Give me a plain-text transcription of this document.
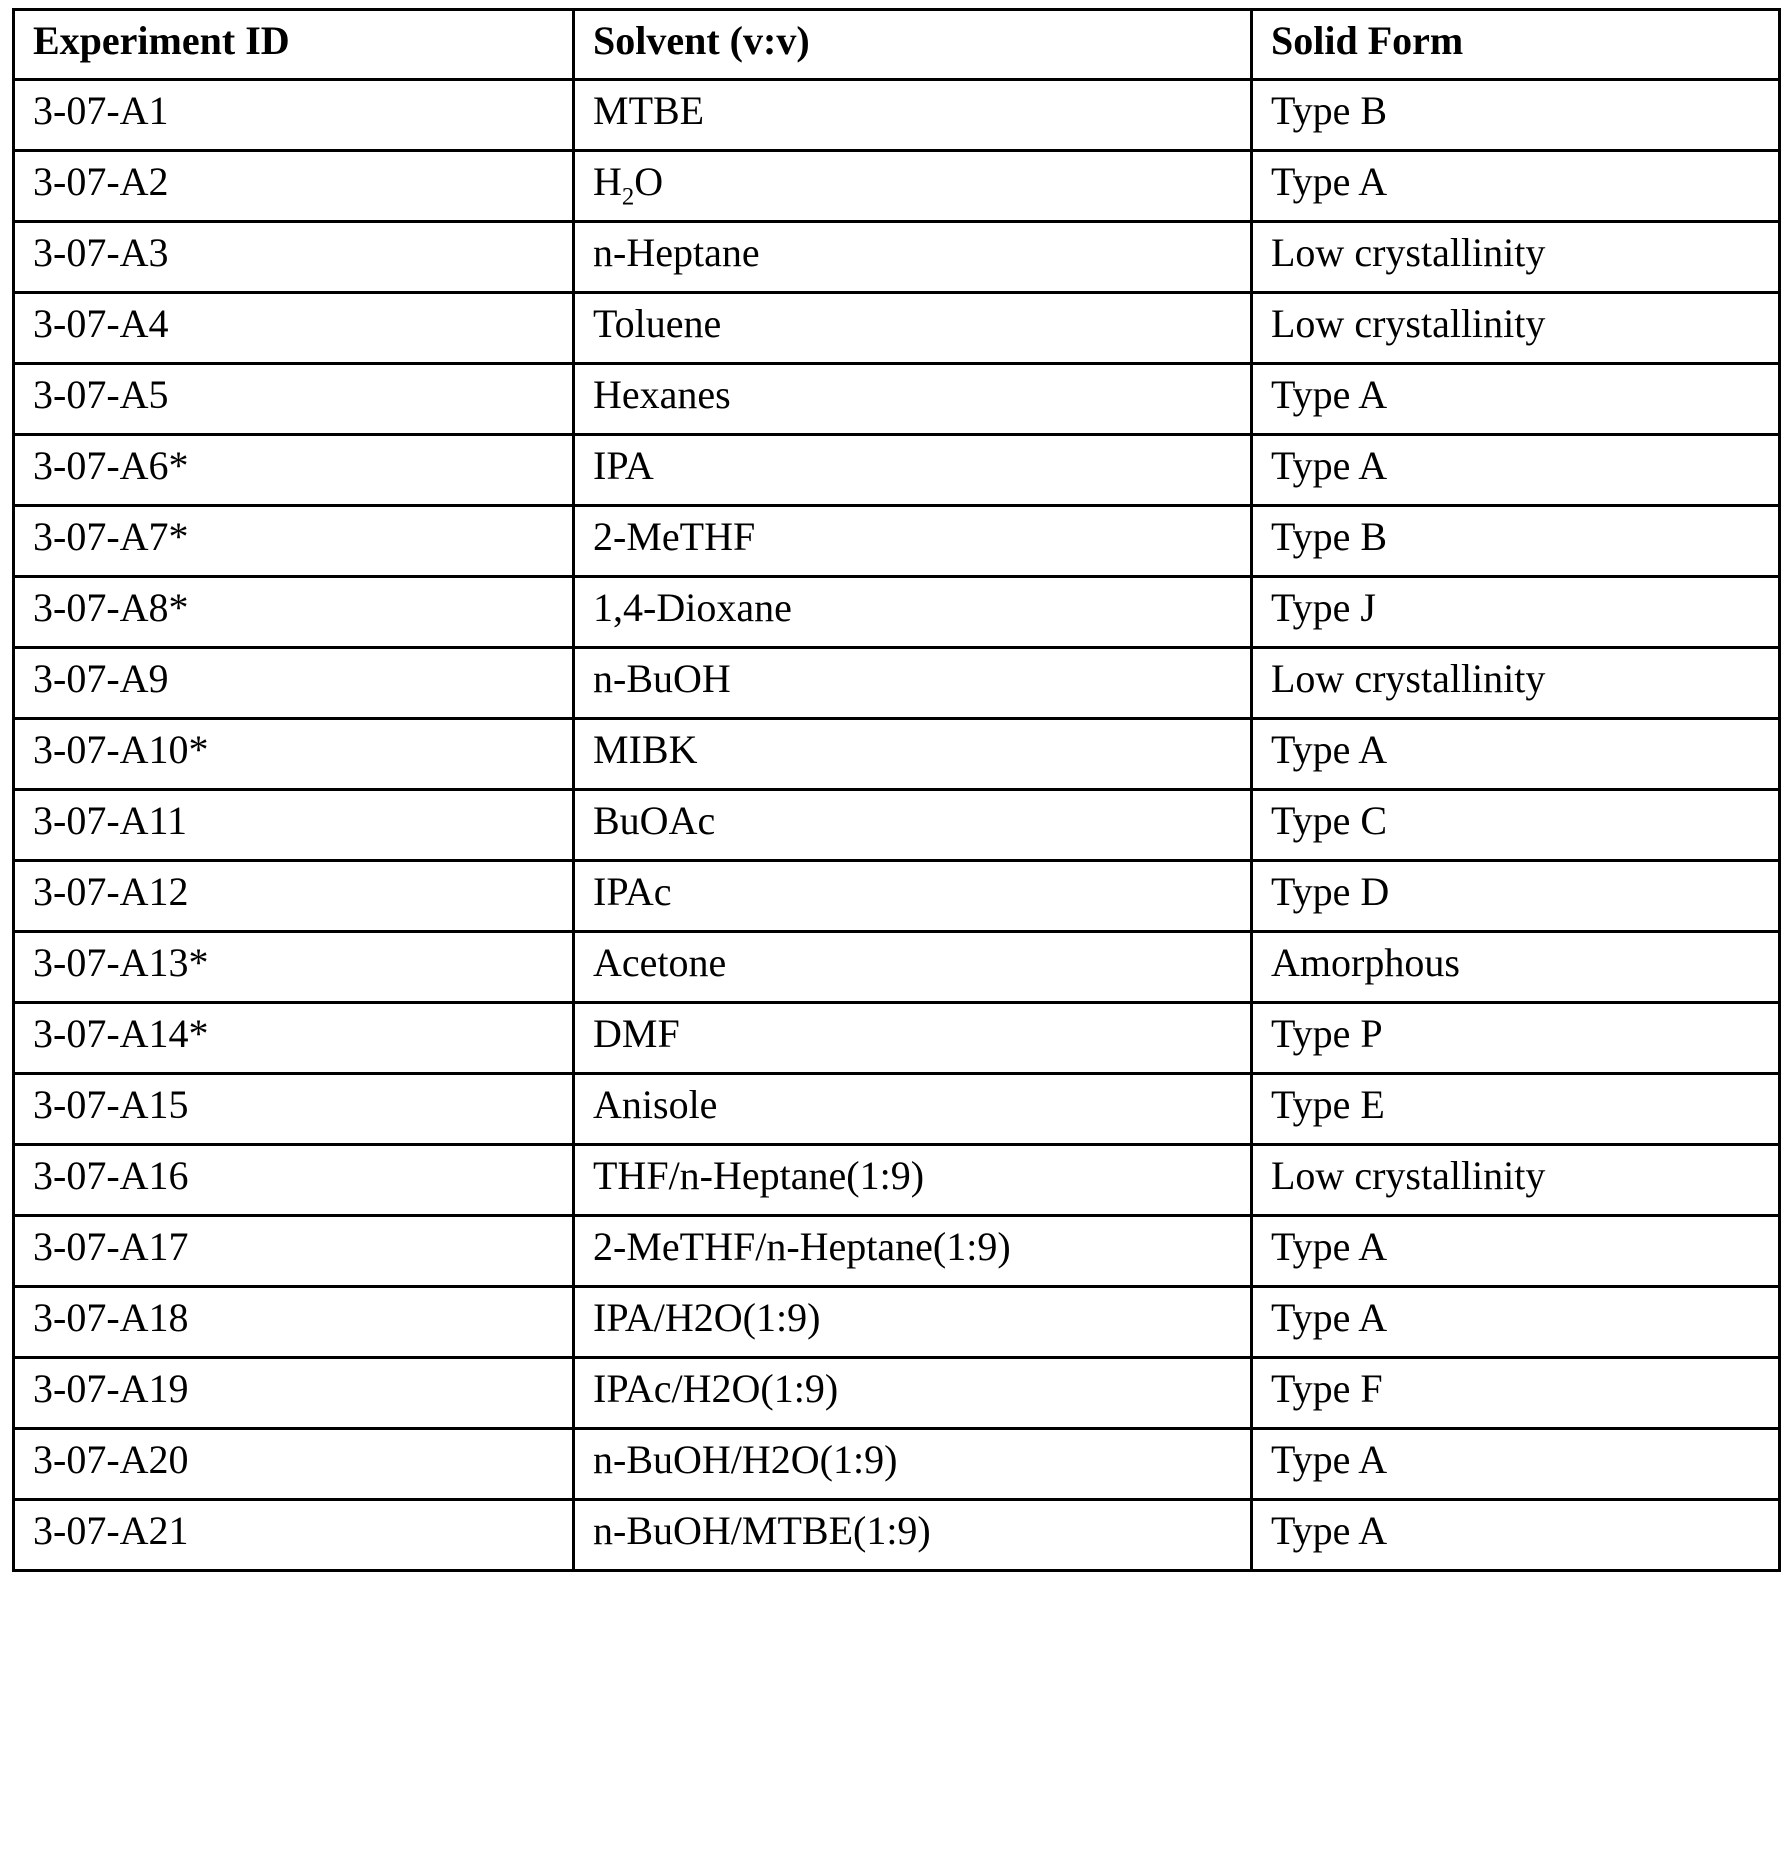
Experiment ID	Solvent (v:v)	Solid Form

3-07-A1	MTBE	Type B

3-07-A2	$H_2O$	Type A

3-07-A3	n-Heptane	Low crystallinity

3-07-A4	Toluene	Low crystallinity

3-07-A5	Hexanes	Type A

3-07-A6*	IPA	Type A

3-07-A7*	2-MeTHF	Type B

3-07-A8*	1,4-Dioxane	Type J

3-07-A9	n-BuOH	Low crystallinity

3-07-A10*	MIBK	Type A

3-07-A11	BuOAc	Type C

3-07-A12	IPAc	Type D

3-07-A13*	Acetone	Amorphous

3-07-A14*	DMF	Type P

3-07-A15	Anisole	Type E

3-07-A16	THF/n-Heptane(1:9)	Low crystallinity

3-07-A17	2-MeTHF/n-Heptane(1:9)	Type A

3-07-A18	IPA/H2O(1:9)	Type A

3-07-A19	IPAc/H2O(1:9)	Type F

3-07-A20	n-BuOH/H2O(1:9)	Type A

3-07-A21	n-BuOH/MTBE(1:9)	Type A
